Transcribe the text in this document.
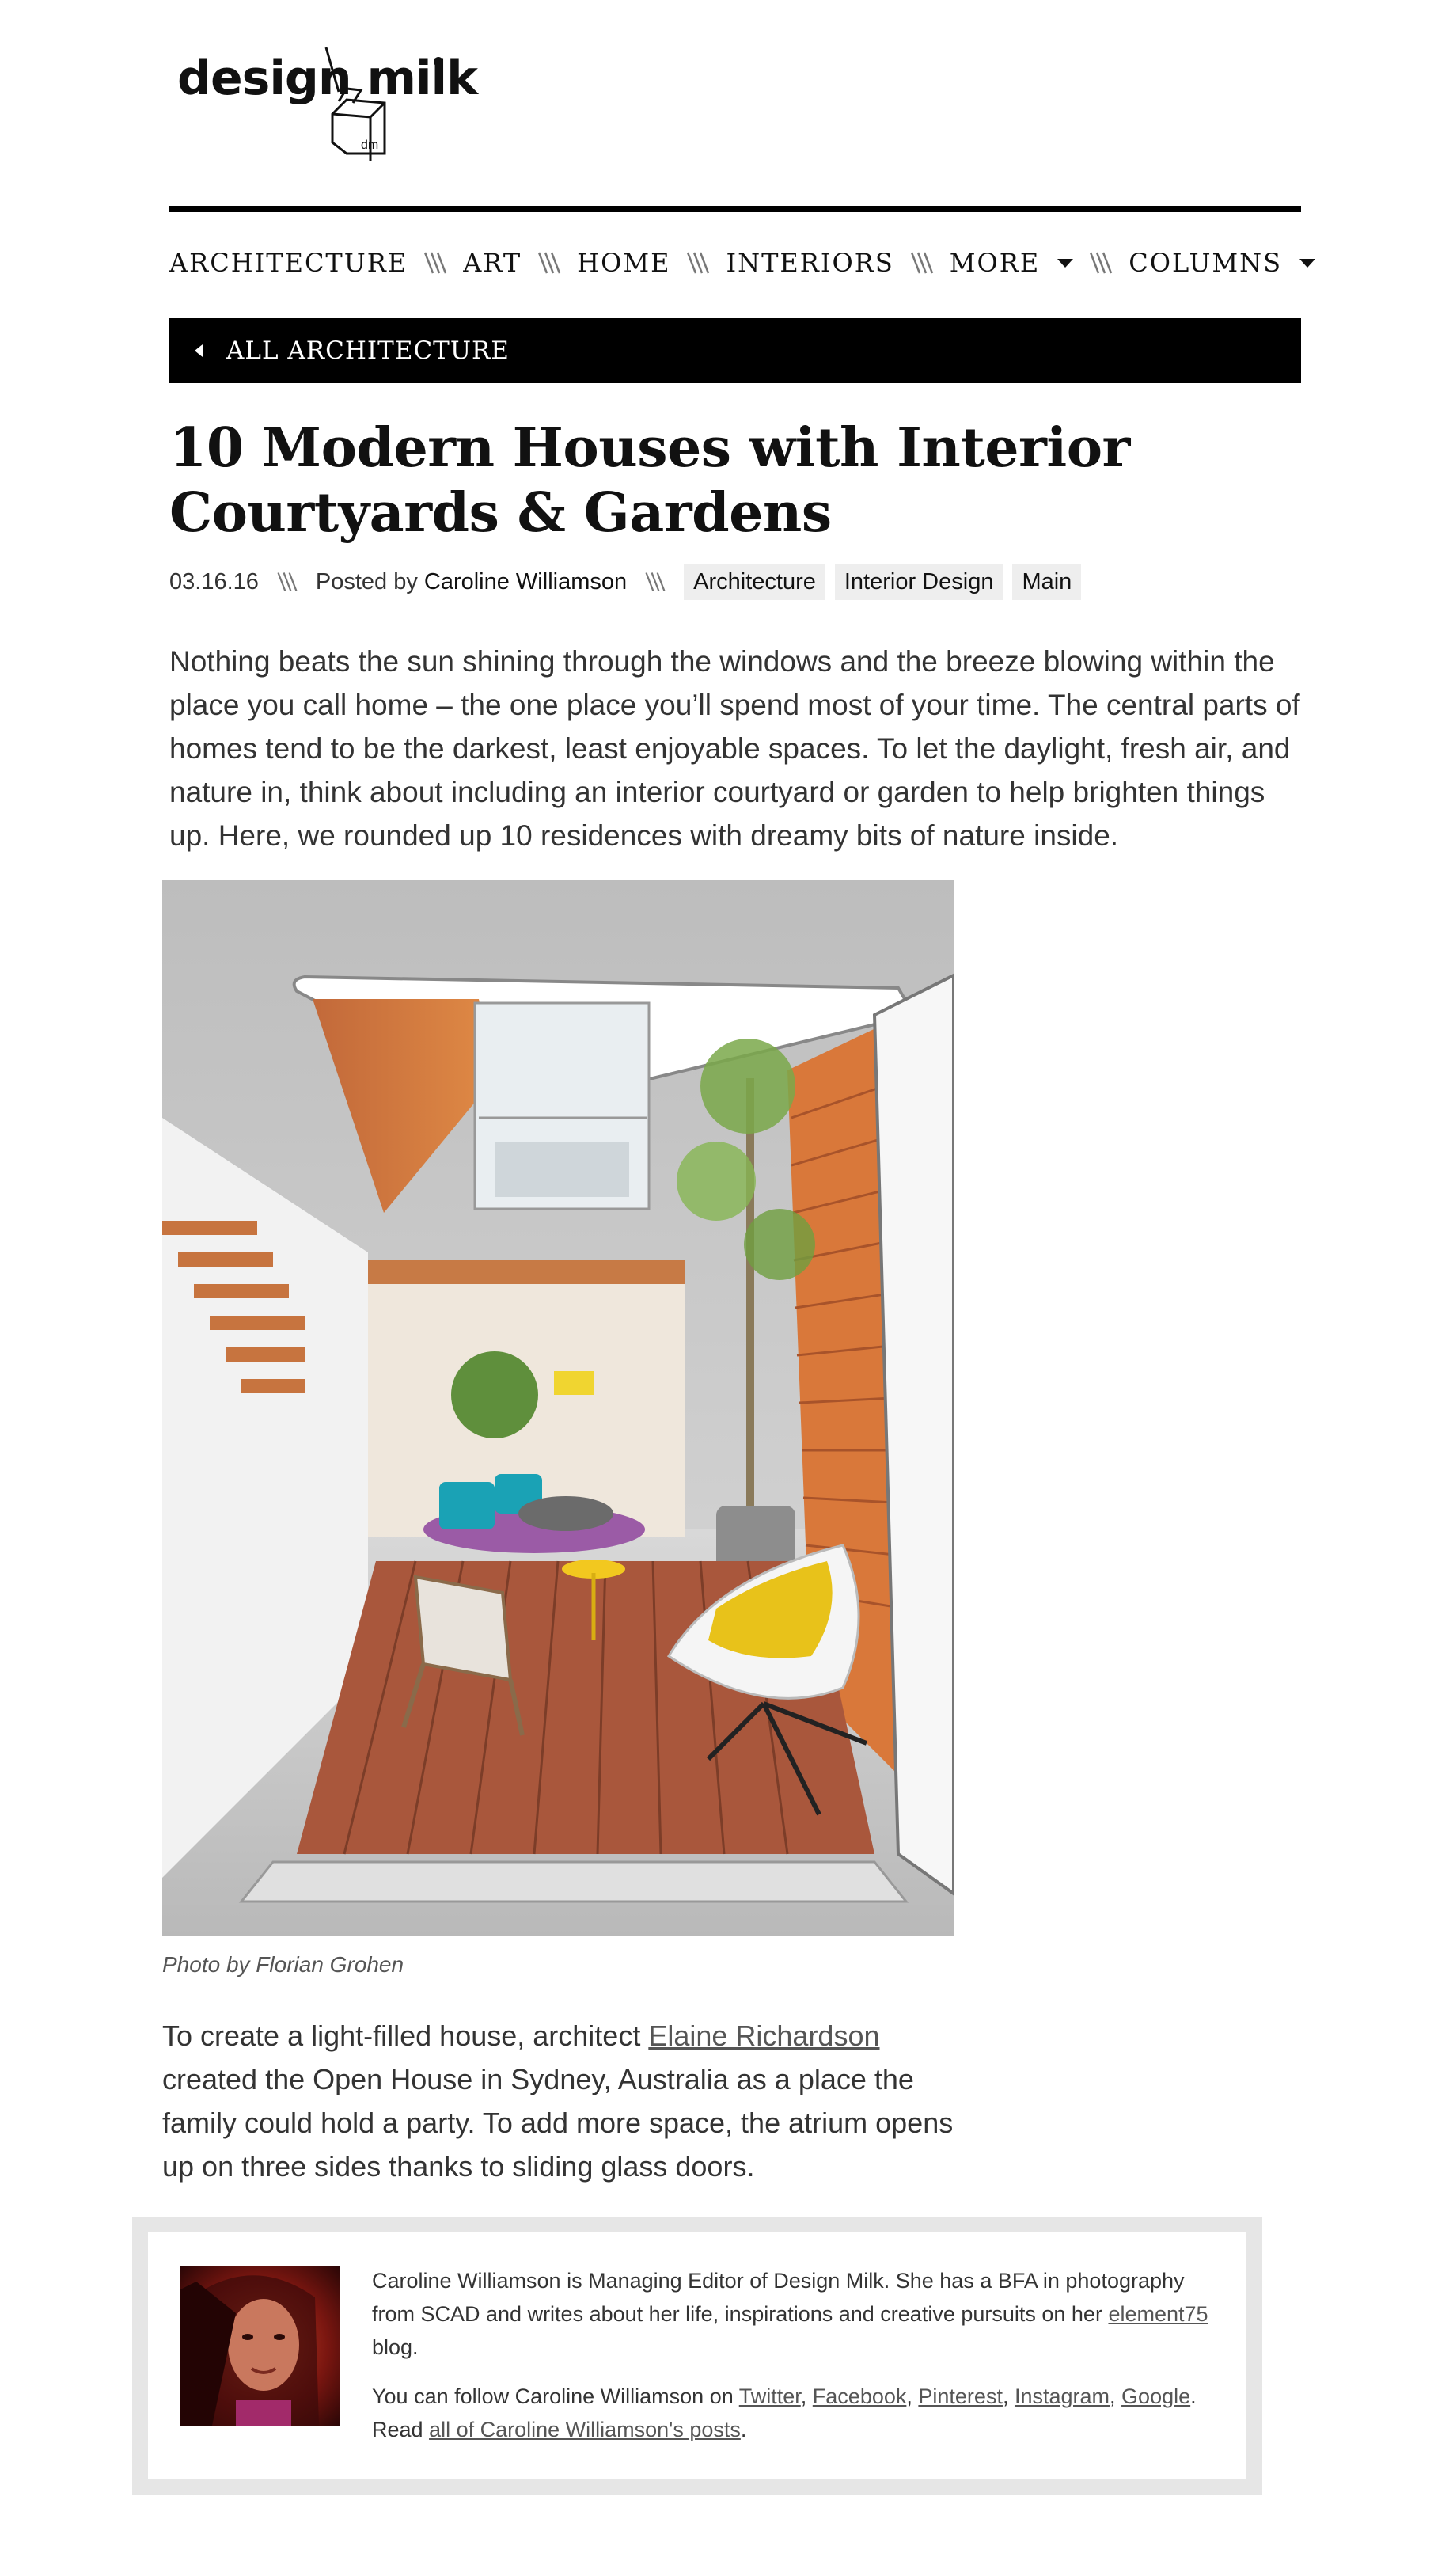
dm
design milk
ARCHITECTURE ART HOME INTERIORS MORE	COLUMNS
ALL ARCHITECTURE
10 Modern Houses with Interior Courtyards & Gardens
03.16.16 Posted by Caroline Williamson	Architecture	Interior Design	Main

Nothing beats the sun shining through the windows and the breeze blowing within the place you call home – the one place you’ll spend most of your time. The central parts of homes tend to be the darkest, least enjoyable spaces. To let the daylight, fresh air, and nature in, think about including an interior courtyard or garden to help brighten things up. Here, we rounded up 10 residences with dreamy bits of nature inside.

Photo by Florian Grohen

To create a light-filled house, architect Elaine Richardson created the Open House in Sydney, Australia as a place the family could hold a party. To add more space, the atrium opens up on three sides thanks to sliding glass doors.

Caroline Williamson is Managing Editor of Design Milk. She has a BFA in photography from SCAD and writes about her life, inspirations and creative pursuits on her element75 blog.

You can follow Caroline Williamson on Twitter, Facebook, Pinterest, Instagram, Google. Read all of Caroline Williamson's posts.
